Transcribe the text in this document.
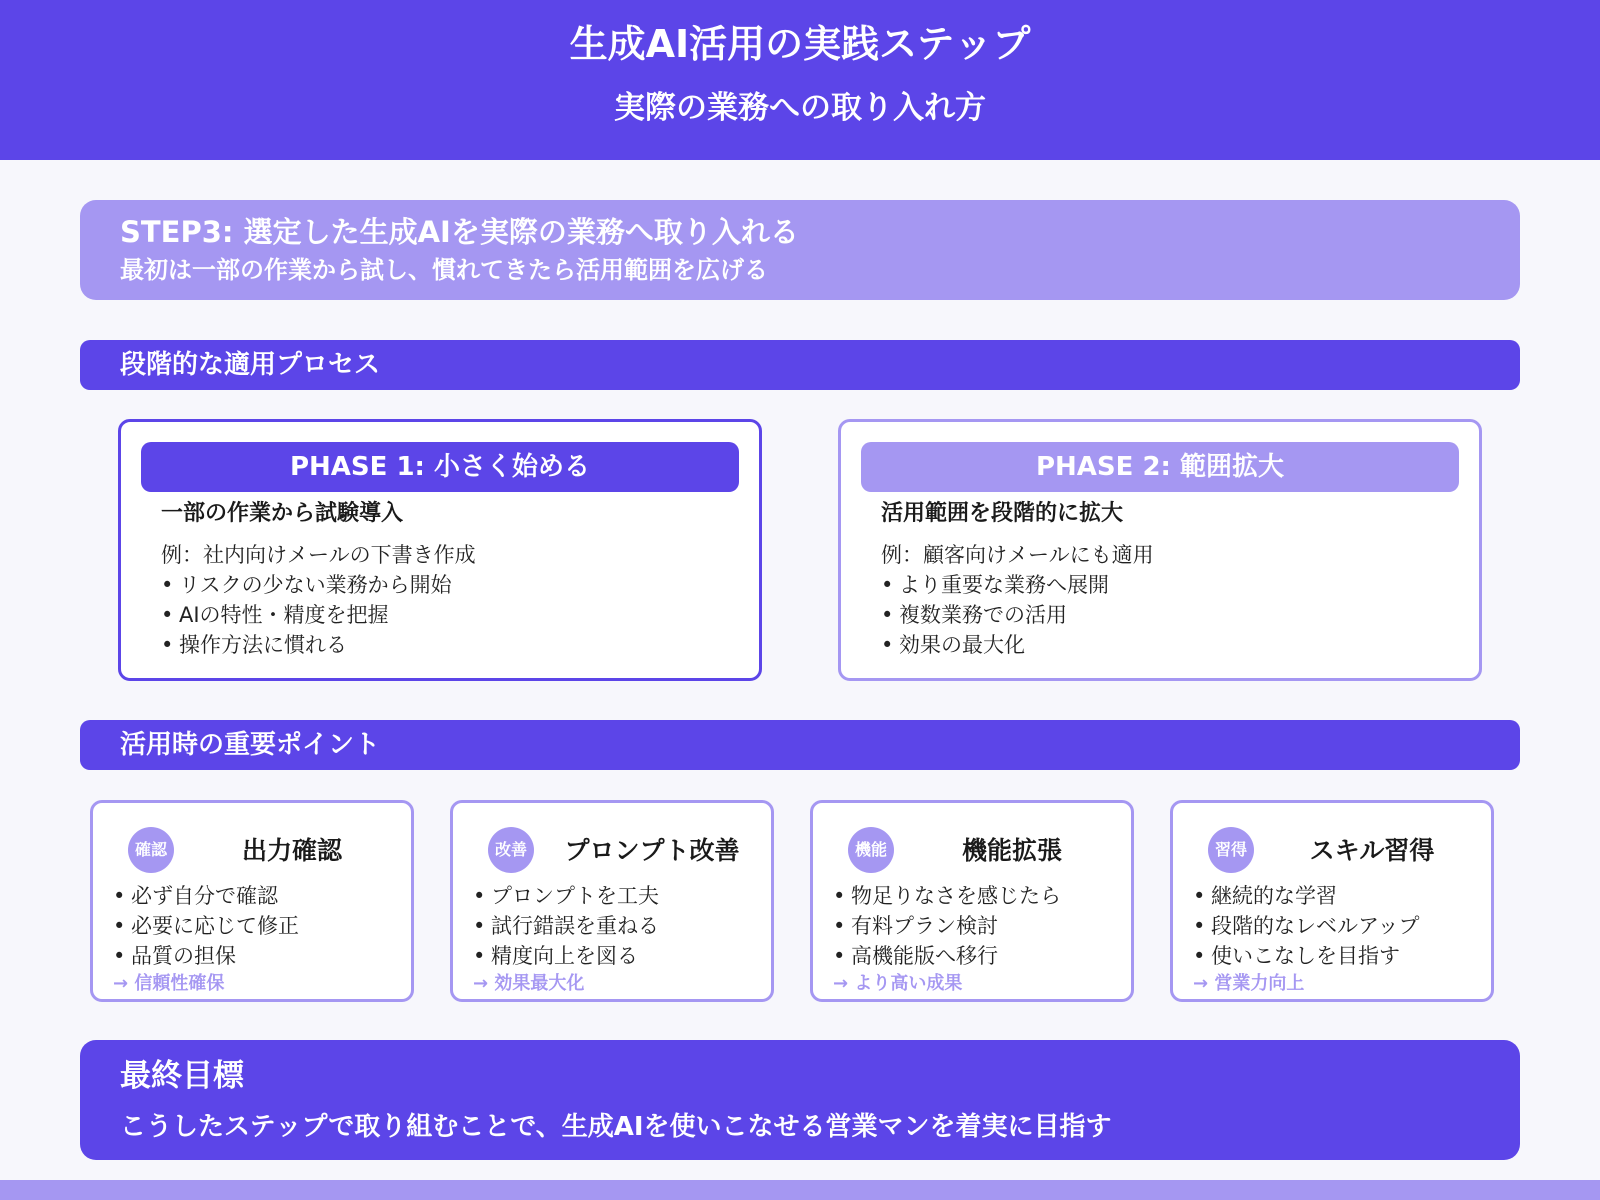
生成AI活用の実践ステップ
実際の業務への取り入れ方
STEP3: 選定した生成AIを実際の業務へ取り入れる
最初は一部の作業から試し、慣れてきたら活用範囲を広げる
段階的な適用プロセス
PHASE 1: 小さく始める
一部の作業から試験導入
例：社内向けメールの下書き作成
• リスクの少ない業務から開始
• AIの特性・精度を把握
• 操作方法に慣れる
PHASE 2: 範囲拡大
活用範囲を段階的に拡大
例：顧客向けメールにも適用
• より重要な業務へ展開
• 複数業務での活用
• 効果の最大化
活用時の重要ポイント
確認	出力確認
• 必ず自分で確認
• 必要に応じて修正
• 品質の担保
→ 信頼性確保
改善	プロンプト改善
• プロンプトを工夫
• 試行錯誤を重ねる
• 精度向上を図る
→ 効果最大化
機能	機能拡張
• 物足りなさを感じたら
• 有料プラン検討
• 高機能版へ移行
→ より高い成果
習得	スキル習得
• 継続的な学習
• 段階的なレベルアップ
• 使いこなしを目指す
→ 営業力向上
最終目標
こうしたステップで取り組むことで、生成AIを使いこなせる営業マンを着実に目指す
